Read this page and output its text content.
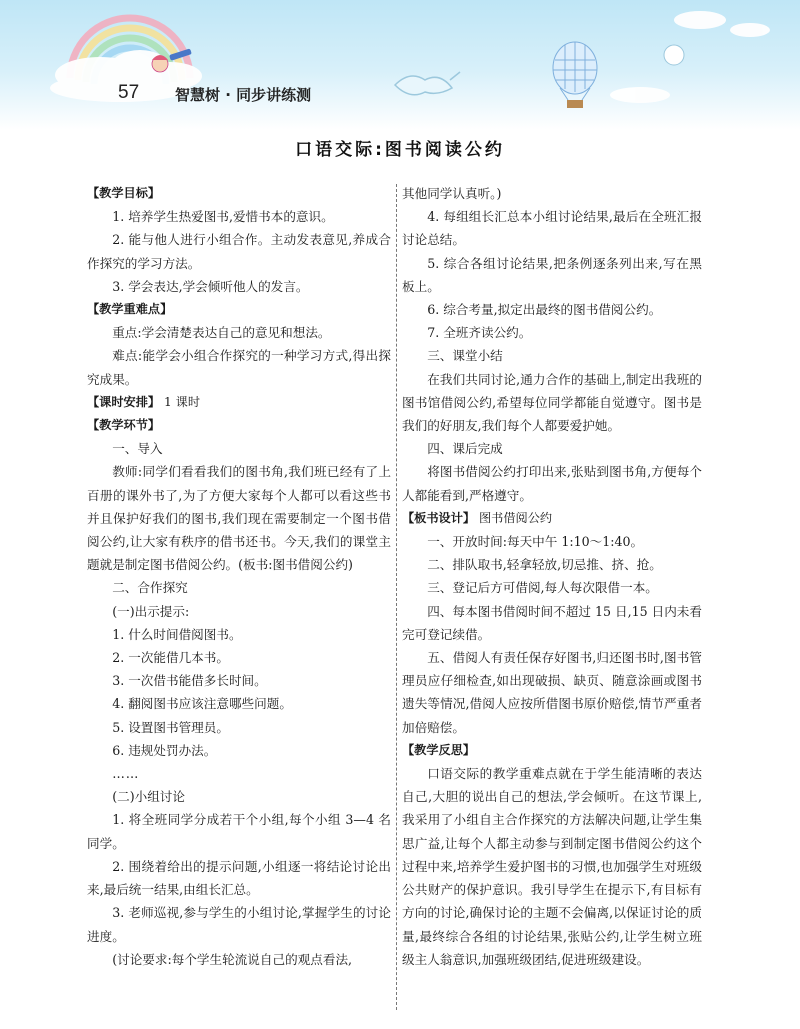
57 智慧树 · 同步讲练测
口语交际:图书阅读公约

【教学目标】

1. 培养学生热爱图书,爱惜书本的意识。

2. 能与他人进行小组合作。主动发表意见,养成合作探究的学习方法。

3. 学会表达,学会倾听他人的发言。

【教学重难点】

重点:学会清楚表达自己的意见和想法。

难点:能学会小组合作探究的一种学习方式,得出探究成果。

【课时安排】 1 课时

【教学环节】

一、导入

教师:同学们看看我们的图书角,我们班已经有了上百册的课外书了,为了方便大家每个人都可以看这些书并且保护好我们的图书,我们现在需要制定一个图书借阅公约,让大家有秩序的借书还书。今天,我们的课堂主题就是制定图书借阅公约。(板书:图书借阅公约)

二、合作探究

(一)出示提示:

1. 什么时间借阅图书。

2. 一次能借几本书。

3. 一次借书能借多长时间。

4. 翻阅图书应该注意哪些问题。

5. 设置图书管理员。

6. 违规处罚办法。

……

(二)小组讨论

1. 将全班同学分成若干个小组,每个小组 3—4 名同学。

2. 围绕着给出的提示问题,小组逐一将结论讨论出来,最后统一结果,由组长汇总。

3. 老师巡视,参与学生的小组讨论,掌握学生的讨论进度。

(讨论要求:每个学生轮流说自己的观点看法,

其他同学认真听。)

4. 每组组长汇总本小组讨论结果,最后在全班汇报讨论总结。

5. 综合各组讨论结果,把条例逐条列出来,写在黑板上。

6. 综合考量,拟定出最终的图书借阅公约。

7. 全班齐读公约。

三、课堂小结

在我们共同讨论,通力合作的基础上,制定出我班的图书馆借阅公约,希望每位同学都能自觉遵守。图书是我们的好朋友,我们每个人都要爱护她。

四、课后完成

将图书借阅公约打印出来,张贴到图书角,方便每个人都能看到,严格遵守。

【板书设计】 图书借阅公约

一、开放时间:每天中午 1:10～1:40。

二、排队取书,轻拿轻放,切忌推、挤、抢。

三、登记后方可借阅,每人每次限借一本。

四、每本图书借阅时间不超过 15 日,15 日内未看完可登记续借。

五、借阅人有责任保存好图书,归还图书时,图书管理员应仔细检查,如出现破损、缺页、随意涂画或图书遗失等情况,借阅人应按所借图书原价赔偿,情节严重者加倍赔偿。

【教学反思】

口语交际的教学重难点就在于学生能清晰的表达自己,大胆的说出自己的想法,学会倾听。在这节课上,我采用了小组自主合作探究的方法解决问题,让学生集思广益,让每个人都主动参与到制定图书借阅公约这个过程中来,培养学生爱护图书的习惯,也加强学生对班级公共财产的保护意识。我引导学生在提示下,有目标有方向的讨论,确保讨论的主题不会偏离,以保证讨论的质量,最终综合各组的讨论结果,张贴公约,让学生树立班级主人翁意识,加强班级团结,促进班级建设。
